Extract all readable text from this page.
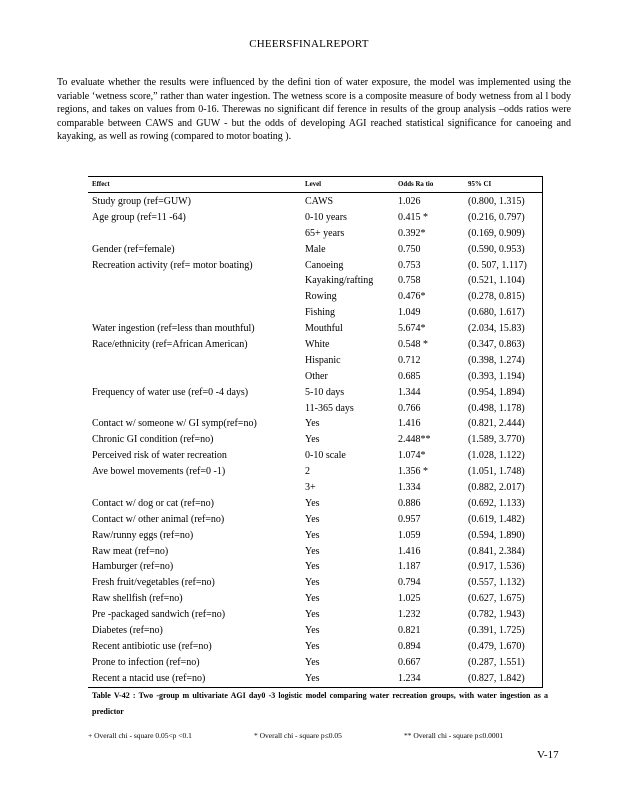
CHEERSFINALREPORT

To evaluate whether the results were influenced by the defini tion of water exposure, the model was implemented using the variable ‘wetness score,” rather than water ingestion. The wetness score is a composite measure of body wetness from al l body regions, and takes on values from 0-16. Therewas no significant dif ference in results of the group analysis –odds ratios were comparable between CAWS and GUW - but the odds of developing AGI reached statistical significance for canoeing and kayaking, as well as rowing (compared to motor boating ).

Effect	Level	Odds Ra tio	95% CI
Study group (ref=GUW)	CAWS	1.026	(0.800, 1.315)
Age group (ref=11 -64)	0-10 years	0.415 *	(0.216, 0.797)
65+ years	0.392*	(0.169, 0.909)
Gender (ref=female)	Male	0.750	(0.590, 0.953)
Recreation activity (ref= motor boating)	Canoeing	0.753	(0. 507, 1.117)
Kayaking/rafting 0.758	(0.521, 1.104)
Rowing	0.476*	(0.278, 0.815)
Fishing	1.049	(0.680, 1.617)
Water ingestion (ref=less than mouthful)	Mouthful	5.674*	(2.034, 15.83)
Race/ethnicity (ref=African American)	White	0.548 *	(0.347, 0.863)
Hispanic	0.712	(0.398, 1.274)
Other	0.685	(0.393, 1.194)
Frequency of water use (ref=0 -4 days)	5-10 days	1.344	(0.954, 1.894)
11-365 days	0.766	(0.498, 1.178)
Contact w/ someone w/ GI symp(ref=no)	Yes	1.416	(0.821, 2.444)
Chronic GI condition (ref=no)	Yes	2.448**	(1.589, 3.770)
Perceived risk of water recreation	0-10 scale	1.074*	(1.028, 1.122)
Ave bowel movements (ref=0 -1)	2	1.356 *	(1.051, 1.748)
3+	1.334	(0.882, 2.017)
Contact w/ dog or cat (ref=no)	Yes	0.886	(0.692, 1.133)
Contact w/ other animal (ref=no)	Yes	0.957	(0.619, 1.482)
Raw/runny eggs (ref=no)	Yes	1.059	(0.594, 1.890)
Raw meat (ref=no)	Yes	1.416	(0.841, 2.384)
Hamburger (ref=no)	Yes	1.187	(0.917, 1.536)
Fresh fruit/vegetables (ref=no)	Yes	0.794	(0.557, 1.132)
Raw shellfish (ref=no)	Yes	1.025	(0.627, 1.675)
Pre -packaged sandwich (ref=no)	Yes	1.232	(0.782, 1.943)
Diabetes (ref=no)	Yes	0.821	(0.391, 1.725)
Recent antibiotic use (ref=no)	Yes	0.894	(0.479, 1.670)
Prone to infection (ref=no)	Yes	0.667	(0.287, 1.551)
Recent a ntacid use (ref=no)	Yes	1.234	(0.827, 1.842)
Table V-42 : Two -group m ultivariate AGI day0 -3 logistic model comparing water recreation groups, with water ingestion as a predictor
+ Overall chi - square 0.05<p <0.1	* Overall chi - square p≤0.05	** Overall chi - square p≤0.0001
V-17
